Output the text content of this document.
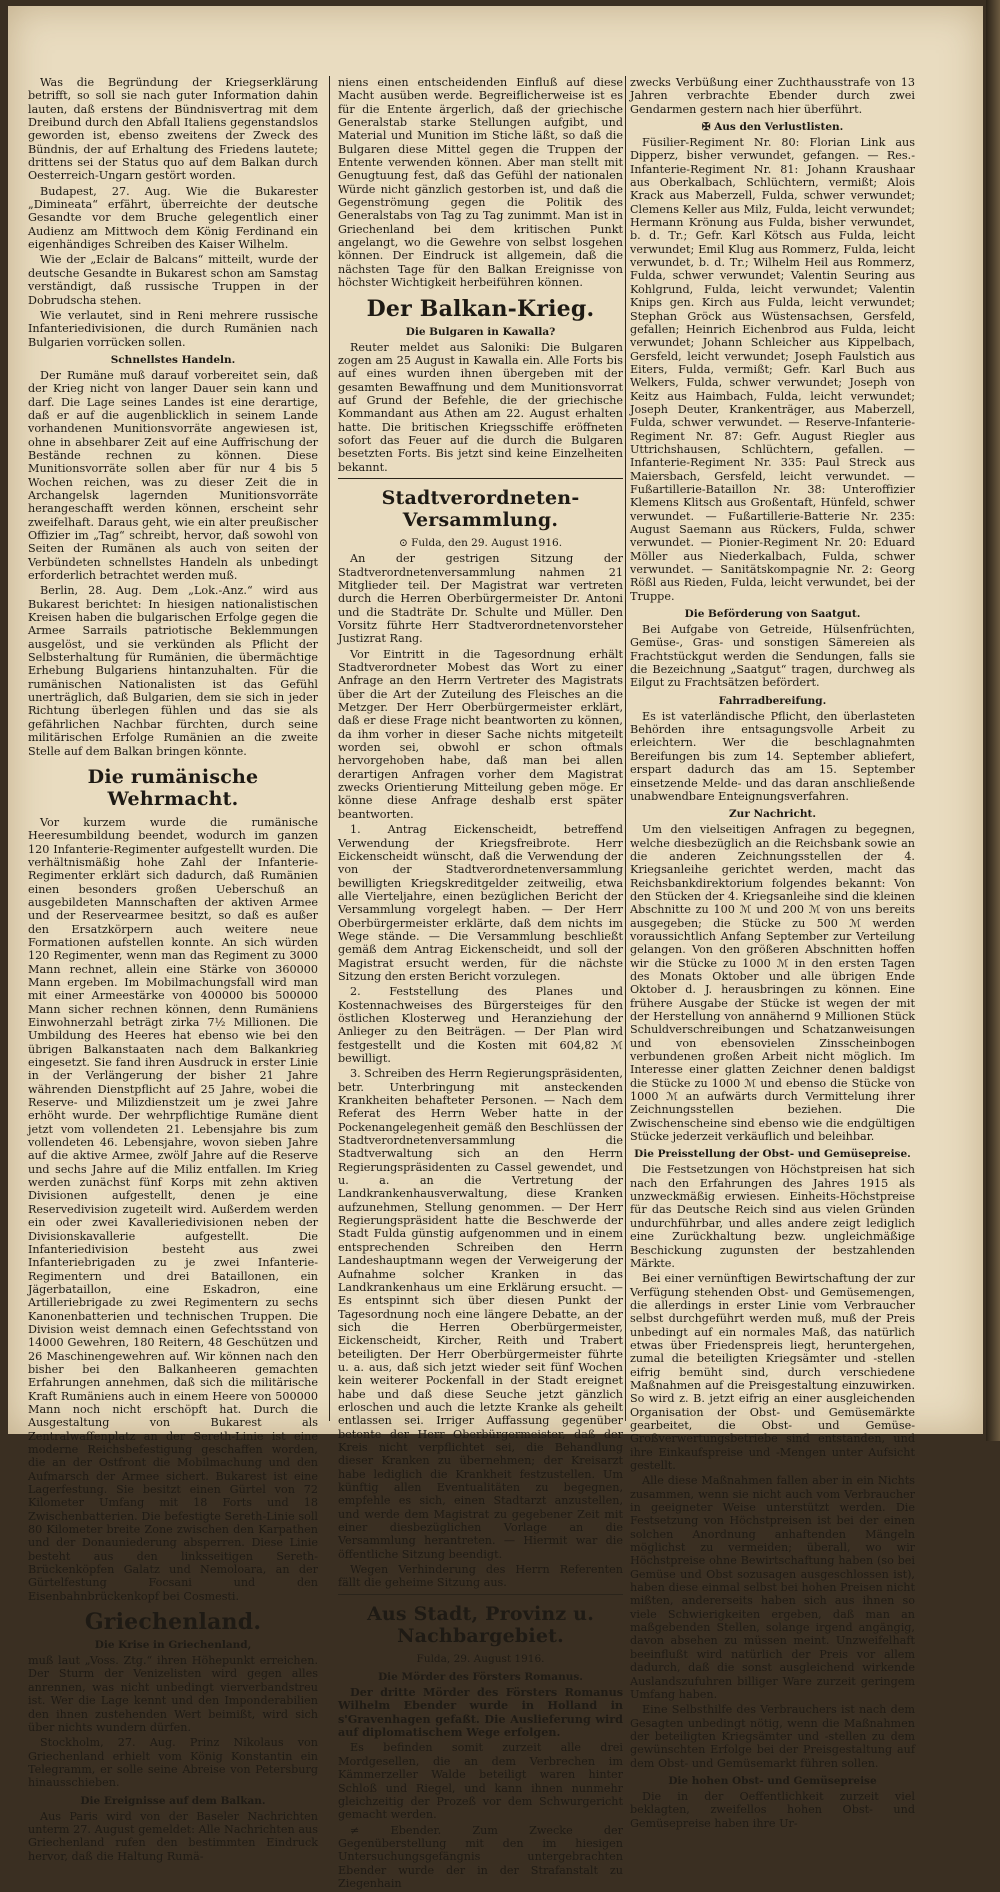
Was die Begründung der Kriegserklärung betrifft, so soll sie nach guter Information dahin lauten, daß erstens der Bündnisvertrag mit dem Dreibund durch den Abfall Italiens gegenstandslos geworden ist, ebenso zweitens der Zweck des Bündnis, der auf Erhaltung des Friedens lautete; drittens sei der Status quo auf dem Balkan durch Oesterreich-Ungarn gestört worden.

Budapest, 27. Aug. Wie die Bukarester „Dimineata“ erfährt, überreichte der deutsche Gesandte vor dem Bruche gelegentlich einer Audienz am Mittwoch dem König Ferdinand ein eigenhändiges Schreiben des Kaiser Wilhelm.

Wie der „Eclair de Balcans“ mitteilt, wurde der deutsche Gesandte in Bukarest schon am Samstag verständigt, daß russische Truppen in der Dobrudscha stehen.

Wie verlautet, sind in Reni mehrere russische Infanteriedivisionen, die durch Rumänien nach Bulgarien vorrücken sollen.

Schnellstes Handeln.

Der Rumäne muß darauf vorbereitet sein, daß der Krieg nicht von langer Dauer sein kann und darf. Die Lage seines Landes ist eine derartige, daß er auf die augenblicklich in seinem Lande vorhandenen Munitionsvorräte angewiesen ist, ohne in absehbarer Zeit auf eine Auffrischung der Bestände rechnen zu können. Diese Munitionsvorräte sollen aber für nur 4 bis 5 Wochen reichen, was zu dieser Zeit die in Archangelsk lagernden Munitionsvorräte herangeschafft werden können, erscheint sehr zweifelhaft. Daraus geht, wie ein alter preußischer Offizier im „Tag“ schreibt, hervor, daß sowohl von Seiten der Rumänen als auch von seiten der Verbündeten schnellstes Handeln als unbedingt erforderlich betrachtet werden muß.

Berlin, 28. Aug. Dem „Lok.-Anz.“ wird aus Bukarest berichtet: In hiesigen nationalistischen Kreisen haben die bulgarischen Erfolge gegen die Armee Sarrails patriotische Beklemmungen ausgelöst, und sie verkünden als Pflicht der Selbsterhaltung für Rumänien, die übermächtige Erhebung Bulgariens hintanzuhalten. Für die rumänischen Nationalisten ist das Gefühl unerträglich, daß Bulgarien, dem sie sich in jeder Richtung überlegen fühlen und das sie als gefährlichen Nachbar fürchten, durch seine militärischen Erfolge Rumänien an die zweite Stelle auf dem Balkan bringen könnte.

Die rumänische Wehrmacht.

Vor kurzem wurde die rumänische Heeresumbildung beendet, wodurch im ganzen 120 Infanterie-Regimenter aufgestellt wurden. Die verhältnismäßig hohe Zahl der Infanterie-Regimenter erklärt sich dadurch, daß Rumänien einen besonders großen Ueberschuß an ausgebildeten Mannschaften der aktiven Armee und der Reservearmee besitzt, so daß es außer den Ersatzkörpern auch weitere neue Formationen aufstellen konnte. An sich würden 120 Regimenter, wenn man das Regiment zu 3000 Mann rechnet, allein eine Stärke von 360000 Mann ergeben. Im Mobilmachungsfall wird man mit einer Armeestärke von 400000 bis 500000 Mann sicher rechnen können, denn Rumäniens Einwohnerzahl beträgt zirka 7½ Millionen. Die Umbildung des Heeres hat ebenso wie bei den übrigen Balkanstaaten nach dem Balkankrieg eingesetzt. Sie fand ihren Ausdruck in erster Linie in der Verlängerung der bisher 21 Jahre währenden Dienstpflicht auf 25 Jahre, wobei die Reserve- und Milizdienstzeit um je zwei Jahre erhöht wurde. Der wehrpflichtige Rumäne dient jetzt vom vollendeten 21. Lebensjahre bis zum vollendeten 46. Lebensjahre, wovon sieben Jahre auf die aktive Armee, zwölf Jahre auf die Reserve und sechs Jahre auf die Miliz entfallen. Im Krieg werden zunächst fünf Korps mit zehn aktiven Divisionen aufgestellt, denen je eine Reservedivision zugeteilt wird. Außerdem werden ein oder zwei Kavalleriedivisionen neben der Divisionskavallerie aufgestellt. Die Infanteriedivision besteht aus zwei Infanteriebrigaden zu je zwei Infanterie-Regimentern und drei Bataillonen, ein Jägerbataillon, eine Eskadron, eine Artilleriebrigade zu zwei Regimentern zu sechs Kanonenbatterien und technischen Truppen. Die Division weist demnach einen Gefechtsstand von 14000 Gewehren, 180 Reitern, 48 Geschützen und 26 Maschinengewehren auf. Wir können nach den bisher bei den Balkanheeren gemachten Erfahrungen annehmen, daß sich die militärische Kraft Rumäniens auch in einem Heere von 500000 Mann noch nicht erschöpft hat. Durch die Ausgestaltung von Bukarest als Zentralwaffenplatz an der Sereth-Linie ist eine moderne Reichsbefestigung geschaffen worden, die an der Ostfront die Mobilmachung und den Aufmarsch der Armee sichert. Bukarest ist eine Lagerfestung. Sie besitzt einen Gürtel von 72 Kilometer Umfang mit 18 Forts und 18 Zwischenbatterien. Die befestigte Sereth-Linie soll 80 Kilometer breite Zone zwischen den Karpathen und der Donauniederung absperren. Diese Linie besteht aus den linksseitigen Sereth-Brückenköpfen Galatz und Nemoloara, an der Gürtelfestung Focsani und den Eisenbahnbrückenkopf bei Cosmesti.

Griechenland.
Die Krise in Griechenland,

muß laut „Voss. Ztg.“ ihren Höhepunkt erreichen. Der Sturm der Venizelisten wird gegen alles anrennen, was nicht unbedingt vierverbandstreu ist. Wer die Lage kennt und den Imponderabilien den ihnen zustehenden Wert beimißt, wird sich über nichts wundern dürfen.

Stockholm, 27. Aug. Prinz Nikolaus von Griechenland erhielt vom König Konstantin ein Telegramm, er solle seine Abreise von Petersburg hinausschieben.

Die Ereignisse auf dem Balkan.

Aus Paris wird von der Baseler Nachrichten unterm 27. August gemeldet: Alle Nachrichten aus Griechenland rufen den bestimmten Eindruck hervor, daß die Haltung Rumä-

niens einen entscheidenden Einfluß auf diese Macht ausüben werde. Begreiflicherweise ist es für die Entente ärgerlich, daß der griechische Generalstab starke Stellungen aufgibt, und Material und Munition im Stiche läßt, so daß die Bulgaren diese Mittel gegen die Truppen der Entente verwenden können. Aber man stellt mit Genugtuung fest, daß das Gefühl der nationalen Würde nicht gänzlich gestorben ist, und daß die Gegenströmung gegen die Politik des Generalstabs von Tag zu Tag zunimmt. Man ist in Griechenland bei dem kritischen Punkt angelangt, wo die Gewehre von selbst losgehen können. Der Eindruck ist allgemein, daß die nächsten Tage für den Balkan Ereignisse von höchster Wichtigkeit herbeiführen können.

Der Balkan-Krieg.
Die Bulgaren in Kawalla?

Reuter meldet aus Saloniki: Die Bulgaren zogen am 25 August in Kawalla ein. Alle Forts bis auf eines wurden ihnen übergeben mit der gesamten Bewaffnung und dem Munitionsvorrat auf Grund der Befehle, die der griechische Kommandant aus Athen am 22. August erhalten hatte. Die britischen Kriegsschiffe eröffneten sofort das Feuer auf die durch die Bulgaren besetzten Forts. Bis jetzt sind keine Einzelheiten bekannt.

Stadtverordneten-Versammlung.
⊙ Fulda, den 29. August 1916.

An der gestrigen Sitzung der Stadtverordnetenversammlung nahmen 21 Mitglieder teil. Der Magistrat war vertreten durch die Herren Oberbürgermeister Dr. Antoni und die Stadträte Dr. Schulte und Müller. Den Vorsitz führte Herr Stadtverordnetenvorsteher Justizrat Rang.

Vor Eintritt in die Tagesordnung erhält Stadtverordneter Mobest das Wort zu einer Anfrage an den Herrn Vertreter des Magistrats über die Art der Zuteilung des Fleisches an die Metzger. Der Herr Oberbürgermeister erklärt, daß er diese Frage nicht beantworten zu können, da ihm vorher in dieser Sache nichts mitgeteilt worden sei, obwohl er schon oftmals hervorgehoben habe, daß man bei allen derartigen Anfragen vorher dem Magistrat zwecks Orientierung Mitteilung geben möge. Er könne diese Anfrage deshalb erst später beantworten.

1. Antrag Eickenscheidt, betreffend Verwendung der Kriegsfreibrote. Herr Eickenscheidt wünscht, daß die Verwendung der von der Stadtverordnetenversammlung bewilligten Kriegskreditgelder zeitweilig, etwa alle Vierteljahre, einen bezüglichen Bericht der Versammlung vorgelegt haben. — Der Herr Oberbürgermeister erklärte, daß dem nichts im Wege stände. — Die Versammlung beschließt gemäß dem Antrag Eickenscheidt, und soll der Magistrat ersucht werden, für die nächste Sitzung den ersten Bericht vorzulegen.

2. Feststellung des Planes und Kostennachweises des Bürgersteiges für den östlichen Klosterweg und Heranziehung der Anlieger zu den Beiträgen. — Der Plan wird festgestellt und die Kosten mit 604,82 ℳ bewilligt.

3. Schreiben des Herrn Regierungspräsidenten, betr. Unterbringung mit ansteckenden Krankheiten behafteter Personen. — Nach dem Referat des Herrn Weber hatte in der Pockenangelegenheit gemäß den Beschlüssen der Stadtverordnetenversammlung die Stadtverwaltung sich an den Herrn Regierungspräsidenten zu Cassel gewendet, und u. a. an die Vertretung der Landkrankenhausverwaltung, diese Kranken aufzunehmen, Stellung genommen. — Der Herr Regierungspräsident hatte die Beschwerde der Stadt Fulda günstig aufgenommen und in einem entsprechenden Schreiben den Herrn Landeshauptmann wegen der Verweigerung der Aufnahme solcher Kranken in das Landkrankenhaus um eine Erklärung ersucht. — Es entspinnt sich über diesen Punkt der Tagesordnung noch eine längere Debatte, an der sich die Herren Oberbürgermeister, Eickenscheidt, Kircher, Reith und Trabert beteiligten. Der Herr Oberbürgermeister führte u. a. aus, daß sich jetzt wieder seit fünf Wochen kein weiterer Pockenfall in der Stadt ereignet habe und daß diese Seuche jetzt gänzlich erloschen und auch die letzte Kranke als geheilt entlassen sei. Irriger Auffassung gegenüber betonte der Herr Oberbürgermeister, daß der Kreis nicht verpflichtet sei, die Behandlung dieser Kranken zu übernehmen; der Kreisarzt habe lediglich die Krankheit festzustellen. Um künftig allen Eventualitäten zu begegnen, empfehle es sich, einen Stadtarzt anzustellen, und werde dem Magistrat zu gegebener Zeit mit einer diesbezüglichen Vorlage an die Versammlung herantreten. — Hiermit war die öffentliche Sitzung beendigt.

Wegen Verhinderung des Herrn Referenten fällt die geheime Sitzung aus.

Aus Stadt, Provinz u. Nachbargebiet.
Fulda, 29. August 1916.
Die Mörder des Försters Romanus.

Der dritte Mörder des Försters Romanus Wilhelm Ebender wurde in Holland in s'Gravenhagen gefaßt. Die Auslieferung wird auf diplomatischem Wege erfolgen.

Es befinden somit zurzeit alle drei Mordgesellen, die an dem Verbrechen im Kämmerzeller Walde beteiligt waren hinter Schloß und Riegel, und kann ihnen nunmehr gleichzeitig der Prozeß vor dem Schwurgericht gemacht werden.

≠ Ebender. Zum Zwecke der Gegenüberstellung mit den im hiesigen Untersuchungsgefängnis untergebrachten Ebender wurde der in der Strafanstalt zu Ziegenhain

zwecks Verbüßung einer Zuchthausstrafe von 13 Jahren verbrachte Ebender durch zwei Gendarmen gestern nach hier überführt.

✠ Aus den Verlustlisten.

Füsilier-Regiment Nr. 80: Florian Link aus Dipperz, bisher verwundet, gefangen. — Res.-Infanterie-Regiment Nr. 81: Johann Kraushaar aus Oberkalbach, Schlüchtern, vermißt; Alois Krack aus Maberzell, Fulda, schwer verwundet; Clemens Keller aus Milz, Fulda, leicht verwundet; Hermann Krönung aus Fulda, bisher verwundet, b. d. Tr.; Gefr. Karl Kötsch aus Fulda, leicht verwundet; Emil Klug aus Rommerz, Fulda, leicht verwundet, b. d. Tr.; Wilhelm Heil aus Rommerz, Fulda, schwer verwundet; Valentin Seuring aus Kohlgrund, Fulda, leicht verwundet; Valentin Knips gen. Kirch aus Fulda, leicht verwundet; Stephan Gröck aus Wüstensachsen, Gersfeld, gefallen; Heinrich Eichenbrod aus Fulda, leicht verwundet; Johann Schleicher aus Kippelbach, Gersfeld, leicht verwundet; Joseph Faulstich aus Eiters, Fulda, vermißt; Gefr. Karl Buch aus Welkers, Fulda, schwer verwundet; Joseph von Keitz aus Haimbach, Fulda, leicht verwundet; Joseph Deuter, Krankenträger, aus Maberzell, Fulda, schwer verwundet. — Reserve-Infanterie-Regiment Nr. 87: Gefr. August Riegler aus Uttrichshausen, Schlüchtern, gefallen. — Infanterie-Regiment Nr. 335: Paul Streck aus Maiersbach, Gersfeld, leicht verwundet. — Fußartillerie-Bataillon Nr. 38: Unteroffizier Klemens Klitsch aus Großentaft, Hünfeld, schwer verwundet. — Fußartillerie-Batterie Nr. 235: August Saemann aus Rückers, Fulda, schwer verwundet. — Pionier-Regiment Nr. 20: Eduard Möller aus Niederkalbach, Fulda, schwer verwundet. — Sanitätskompagnie Nr. 2: Georg Rößl aus Rieden, Fulda, leicht verwundet, bei der Truppe.

Die Beförderung von Saatgut.

Bei Aufgabe von Getreide, Hülsenfrüchten, Gemüse-, Gras- und sonstigen Sämereien als Frachtstückgut werden die Sendungen, falls sie die Bezeichnung „Saatgut“ tragen, durchweg als Eilgut zu Frachtsätzen befördert.

Fahrradbereifung.

Es ist vaterländische Pflicht, den überlasteten Behörden ihre entsagungsvolle Arbeit zu erleichtern. Wer die beschlagnahmten Bereifungen bis zum 14. September abliefert, erspart dadurch das am 15. September einsetzende Melde- und das daran anschließende unabwendbare Enteignungsverfahren.

Zur Nachricht.

Um den vielseitigen Anfragen zu begegnen, welche diesbezüglich an die Reichsbank sowie an die anderen Zeichnungsstellen der 4. Kriegsanleihe gerichtet werden, macht das Reichsbankdirektorium folgendes bekannt: Von den Stücken der 4. Kriegsanleihe sind die kleinen Abschnitte zu 100 ℳ und 200 ℳ von uns bereits ausgegeben; die Stücke zu 500 ℳ werden voraussichtlich Anfang September zur Verteilung gelangen. Von den größeren Abschnitten hoffen wir die Stücke zu 1000 ℳ in den ersten Tagen des Monats Oktober und alle übrigen Ende Oktober d. J. herausbringen zu können. Eine frühere Ausgabe der Stücke ist wegen der mit der Herstellung von annähernd 9 Millionen Stück Schuldverschreibungen und Schatzanweisungen und von ebensovielen Zinsscheinbogen verbundenen großen Arbeit nicht möglich. Im Interesse einer glatten Zeichner denen baldigst die Stücke zu 1000 ℳ und ebenso die Stücke von 1000 ℳ an aufwärts durch Vermittelung ihrer Zeichnungsstellen beziehen. Die Zwischenscheine sind ebenso wie die endgültigen Stücke jederzeit verkäuflich und beleihbar.

Die Preisstellung der Obst- und Gemüsepreise.

Die Festsetzungen von Höchstpreisen hat sich nach den Erfahrungen des Jahres 1915 als unzweckmäßig erwiesen. Einheits-Höchstpreise für das Deutsche Reich sind aus vielen Gründen undurchführbar, und alles andere zeigt lediglich eine Zurückhaltung bezw. ungleichmäßige Beschickung zugunsten der bestzahlenden Märkte.

Bei einer vernünftigen Bewirtschaftung der zur Verfügung stehenden Obst- und Gemüsemengen, die allerdings in erster Linie vom Verbraucher selbst durchgeführt werden muß, muß der Preis unbedingt auf ein normales Maß, das natürlich etwas über Friedenspreis liegt, heruntergehen, zumal die beteiligten Kriegsämter und -stellen eifrig bemüht sind, durch verschiedene Maßnahmen auf die Preisgestaltung einzuwirken. So wird z. B. jetzt eifrig an einer ausgleichenden Organisation der Obst- und Gemüsemärkte gearbeitet, die Obst- und Gemüse-Großverwertungsbetriebe sind entstanden, und ihre Einkaufspreise und -Mengen unter Aufsicht gestellt.

Alle diese Maßnahmen fallen aber in ein Nichts zusammen, wenn sie nicht auch vom Verbraucher in geeigneter Weise unterstützt werden. Die Festsetzung von Höchstpreisen ist bei der einen solchen Anordnung anhaftenden Mängeln möglichst zu vermeiden; überall, wo wir Höchstpreise ohne Bewirtschaftung haben (so bei Gemüse und Obst sozusagen ausgeschlossen ist), haben diese einmal selbst bei hohen Preisen nicht mißten, andererseits haben sich aus ihnen so viele Schwierigkeiten ergeben, daß man an maßgebenden Stellen, solange irgend angängig, davon absehen zu müssen meint. Unzweifelhaft beeinflußt wird natürlich der Preis vor allem dadurch, daß die sonst ausgleichend wirkende Auslandszufuhren billiger Ware zurzeit geringem Umfang haben.

Eine Selbsthilfe des Verbrauchers ist nach dem Gesagten unbedingt nötig, wenn die Maßnahmen der beteiligten Kriegsämter und -stellen zu dem gewünschten Erfolge bei der Preisgestaltung auf dem Obst- und Gemüsemarkt führen sollen.

Die hohen Obst- und Gemüsepreise

Die in der Oeffentlichkeit zurzeit viel beklagten, zweifellos hohen Obst- und Gemüsepreise haben ihre Ur-
